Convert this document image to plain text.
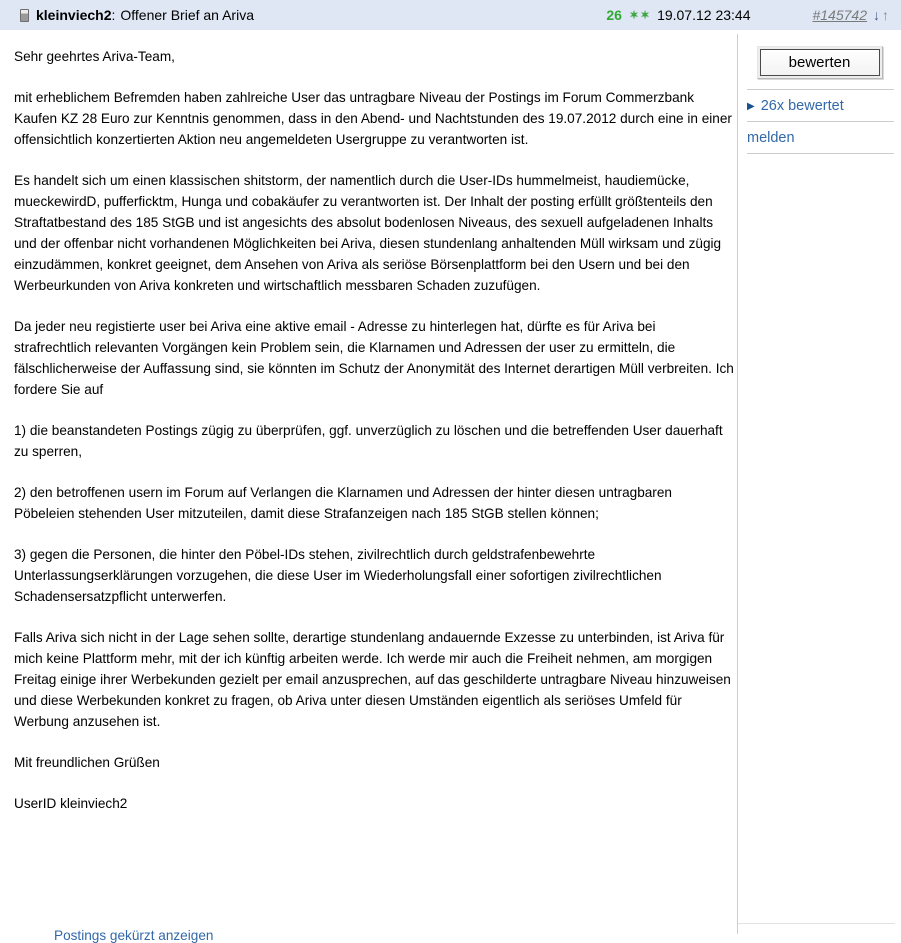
kleinviech2 : Offener Brief an Ariva	26 ✶✶ 19.07.12 23:44	#145742 ↓ ↑

Sehr geehrtes Ariva-Team,

mit erheblichem Befremden haben zahlreiche User das untragbare Niveau der Postings im Forum Commerzbank Kaufen KZ 28 Euro zur Kenntnis genommen, dass in den Abend- und Nachtstunden des 19.07.2012 durch eine in einer offensichtlich konzertierten Aktion neu angemeldeten Usergruppe zu verantworten ist.

Es handelt sich um einen klassischen shitstorm, der namentlich durch die User-IDs hummelmeist, haudiemücke, mueckewirdD, pufferficktm, Hunga und cobakäufer zu verantworten ist. Der Inhalt der posting erfüllt größtenteils den Straftatbestand des 185 StGB und ist angesichts des absolut bodenlosen Niveaus, des sexuell aufgeladenen Inhalts und der offenbar nicht vorhandenen Möglichkeiten bei Ariva, diesen stundenlang anhaltenden Müll wirksam und zügig einzudämmen, konkret geeignet, dem Ansehen von Ariva als seriöse Börsenplattform bei den Usern und bei den Werbeurkunden von Ariva konkreten und wirtschaftlich messbaren Schaden zuzufügen.

Da jeder neu registierte user bei Ariva eine aktive email - Adresse zu hinterlegen hat, dürfte es für Ariva bei strafrechtlich relevanten Vorgängen kein Problem sein, die Klarnamen und Adressen der user zu ermitteln, die fälschlicherweise der Auffassung sind, sie könnten im Schutz der Anonymität des Internet derartigen Müll verbreiten. Ich fordere Sie auf

1) die beanstandeten Postings zügig zu überprüfen, ggf. unverzüglich zu löschen und die betreffenden User dauerhaft zu sperren,

2) den betroffenen usern im Forum auf Verlangen die Klarnamen und Adressen der hinter diesen untragbaren Pöbeleien stehenden User mitzuteilen, damit diese Strafanzeigen nach 185 StGB stellen können;

3) gegen die Personen, die hinter den Pöbel-IDs stehen, zivilrechtlich durch geldstrafenbewehrte Unterlassungserklärungen vorzugehen, die diese User im Wiederholungsfall einer sofortigen zivilrechtlichen Schadensersatzpflicht unterwerfen.

Falls Ariva sich nicht in der Lage sehen sollte, derartige stundenlang andauernde Exzesse zu unterbinden, ist Ariva für mich keine Plattform mehr, mit der ich künftig arbeiten werde. Ich werde mir auch die Freiheit nehmen, am morgigen Freitag einige ihrer Werbekunden gezielt per email anzusprechen, auf das geschilderte untragbare Niveau hinzuweisen und diese Werbekunden konkret zu fragen, ob Ariva unter diesen Umständen eigentlich als seriöses Umfeld für Werbung anzusehen ist.

Mit freundlichen Grüßen

UserID kleinviech2

Postings gekürzt anzeigen
bewerten
▶ 26x bewertet
melden
